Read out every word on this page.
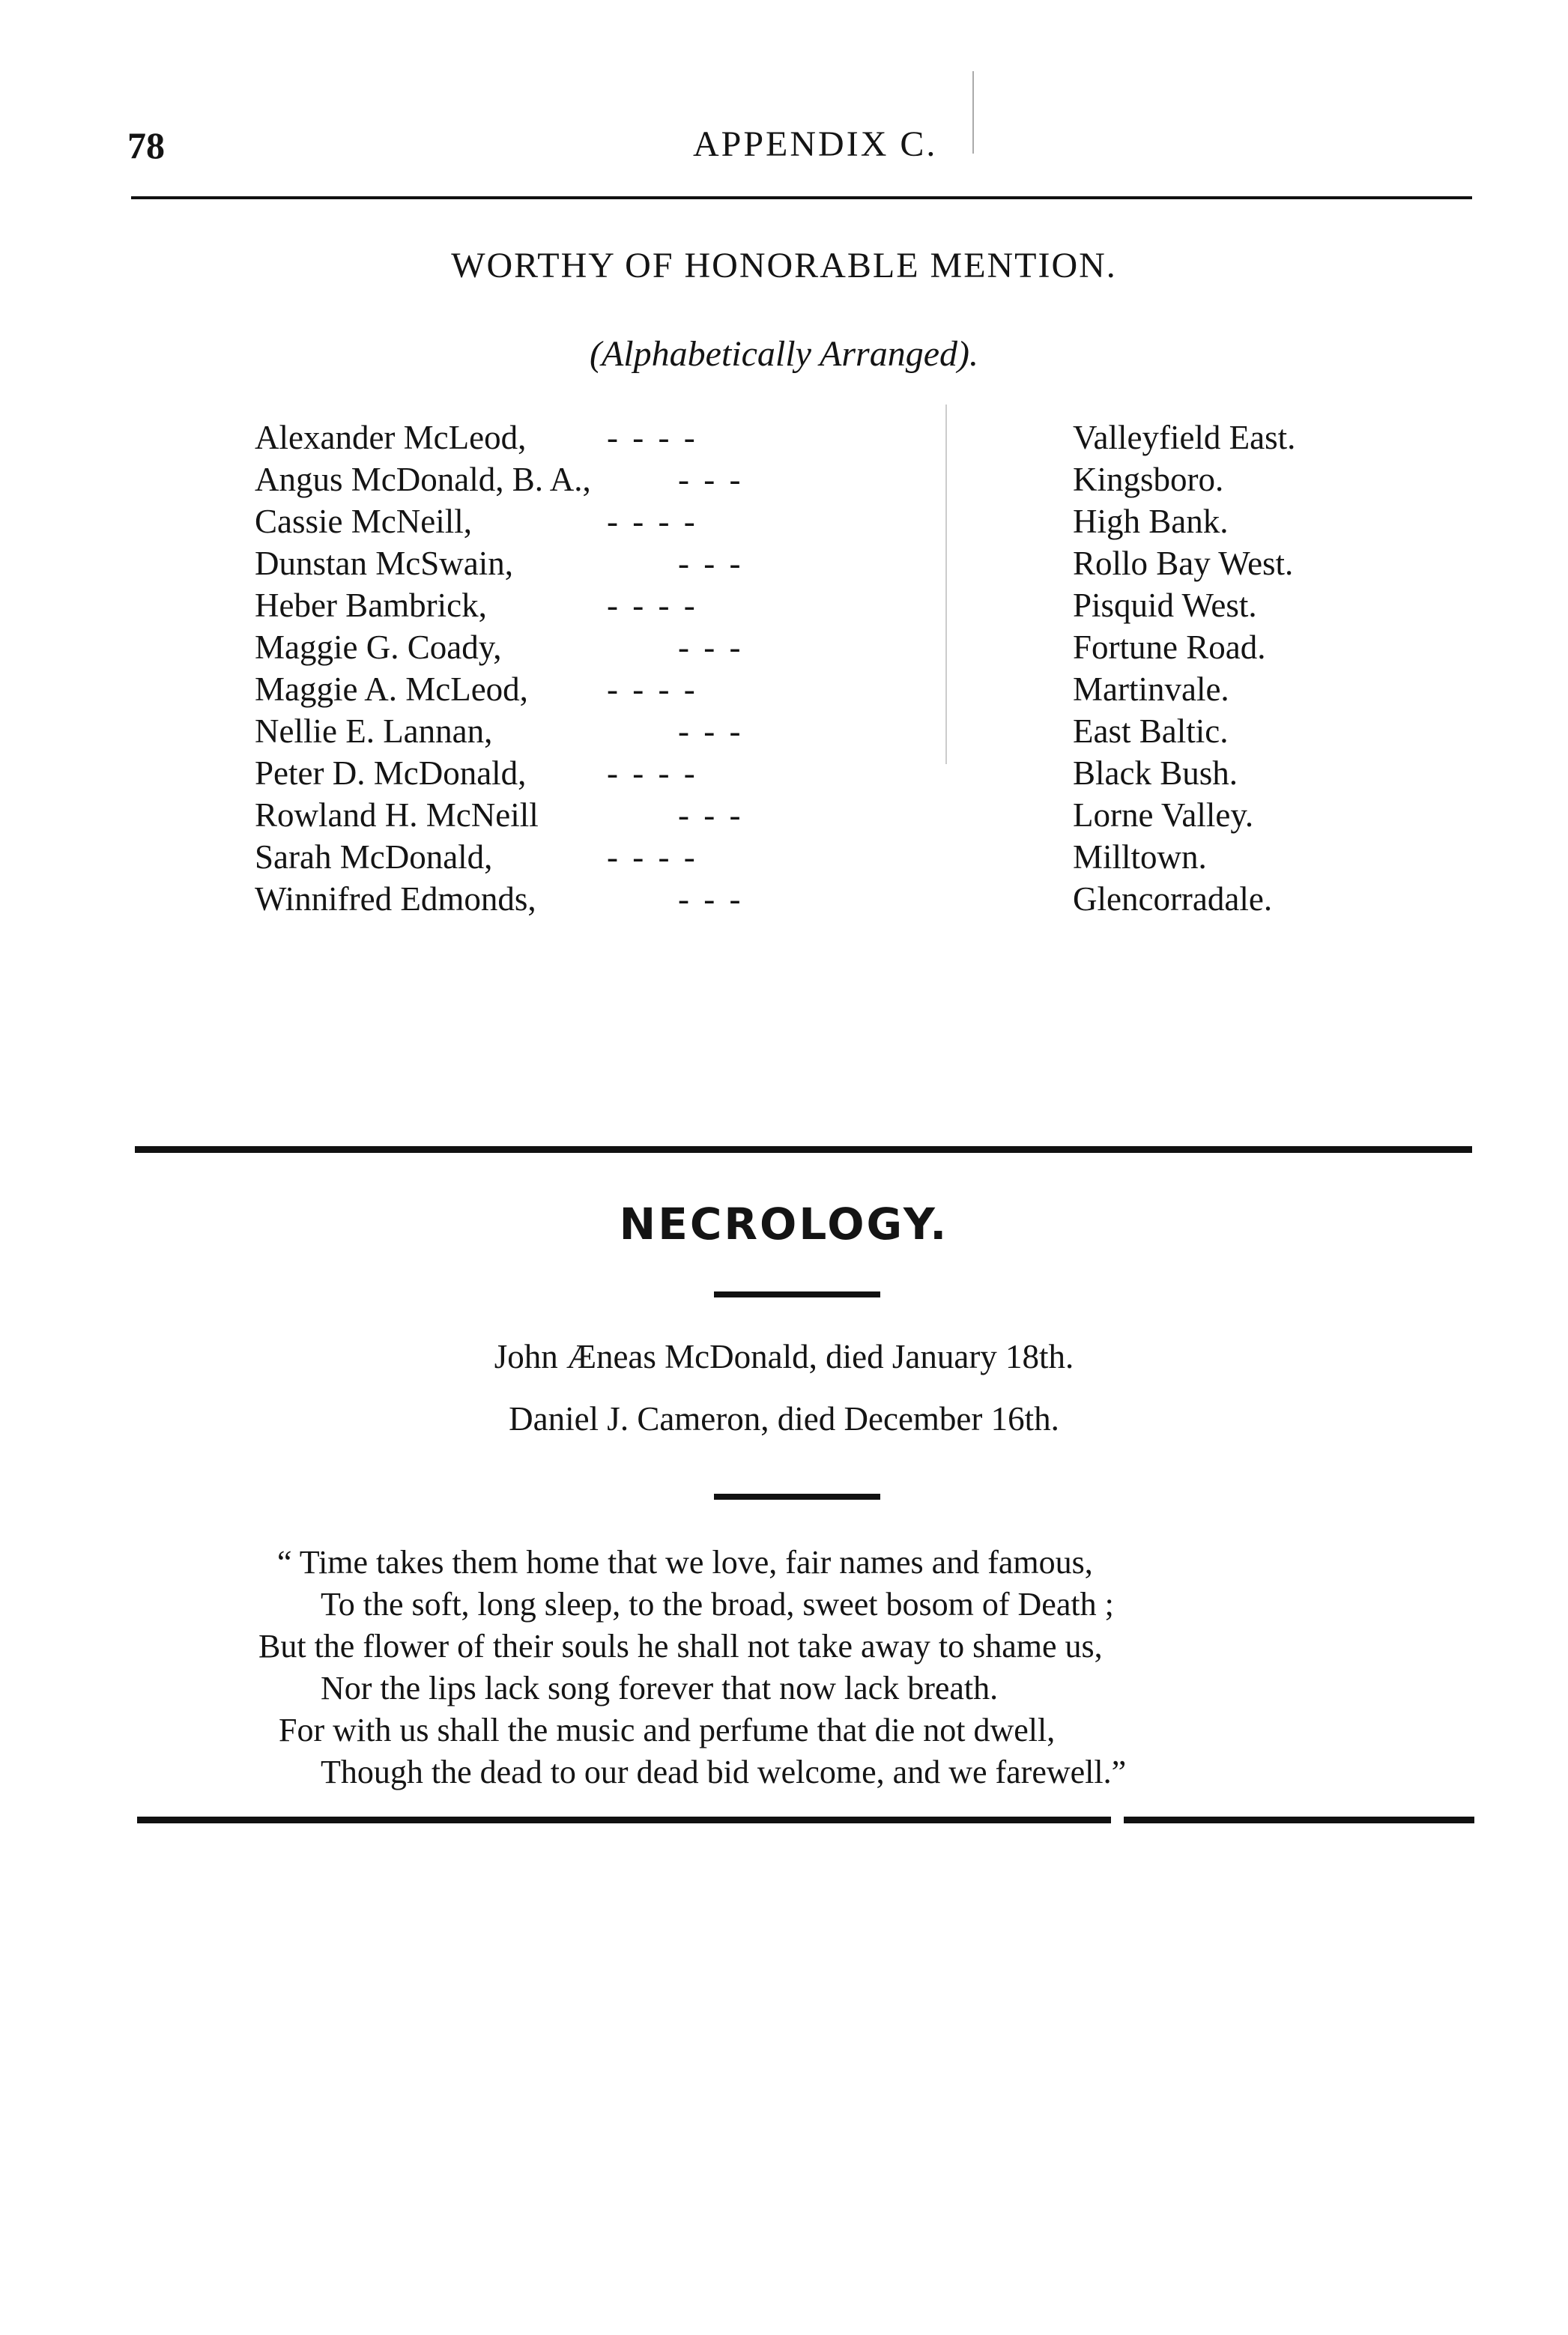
78	APPENDIX C.
WORTHY OF HONORABLE MENTION.
(Alphabetically Arranged).
Alexander McLeod, - - - -	Valleyfield East.
Angus McDonald, B. A.,	- - -	Kingsboro.
Cassie McNeill,	- - - -	High Bank.
Dunstan McSwain,	- - -	Rollo Bay West.
Heber Bambrick,	- - - -	Pisquid West.
Maggie G. Coady,	- - -	Fortune Road.
Maggie A. McLeod, - - - -	Martinvale.
Nellie E. Lannan,	- - -	East Baltic.
Peter D. McDonald, - - - -	Black Bush.
Rowland H. McNeill	- - -	Lorne Valley.
Sarah McDonald,	- - - -	Milltown.
Winnifred Edmonds,	- - -	Glencorradale.
NECROLOGY.
John Æneas McDonald, died January 18th.
Daniel J. Cameron, died December 16th.
“ Time takes them home that we love, fair names and famous,
To the soft, long sleep, to the broad, sweet bosom of Death ;
But the flower of their souls he shall not take away to shame us,
Nor the lips lack song forever that now lack breath.
For with us shall the music and perfume that die not dwell,
Though the dead to our dead bid welcome, and we farewell.”
